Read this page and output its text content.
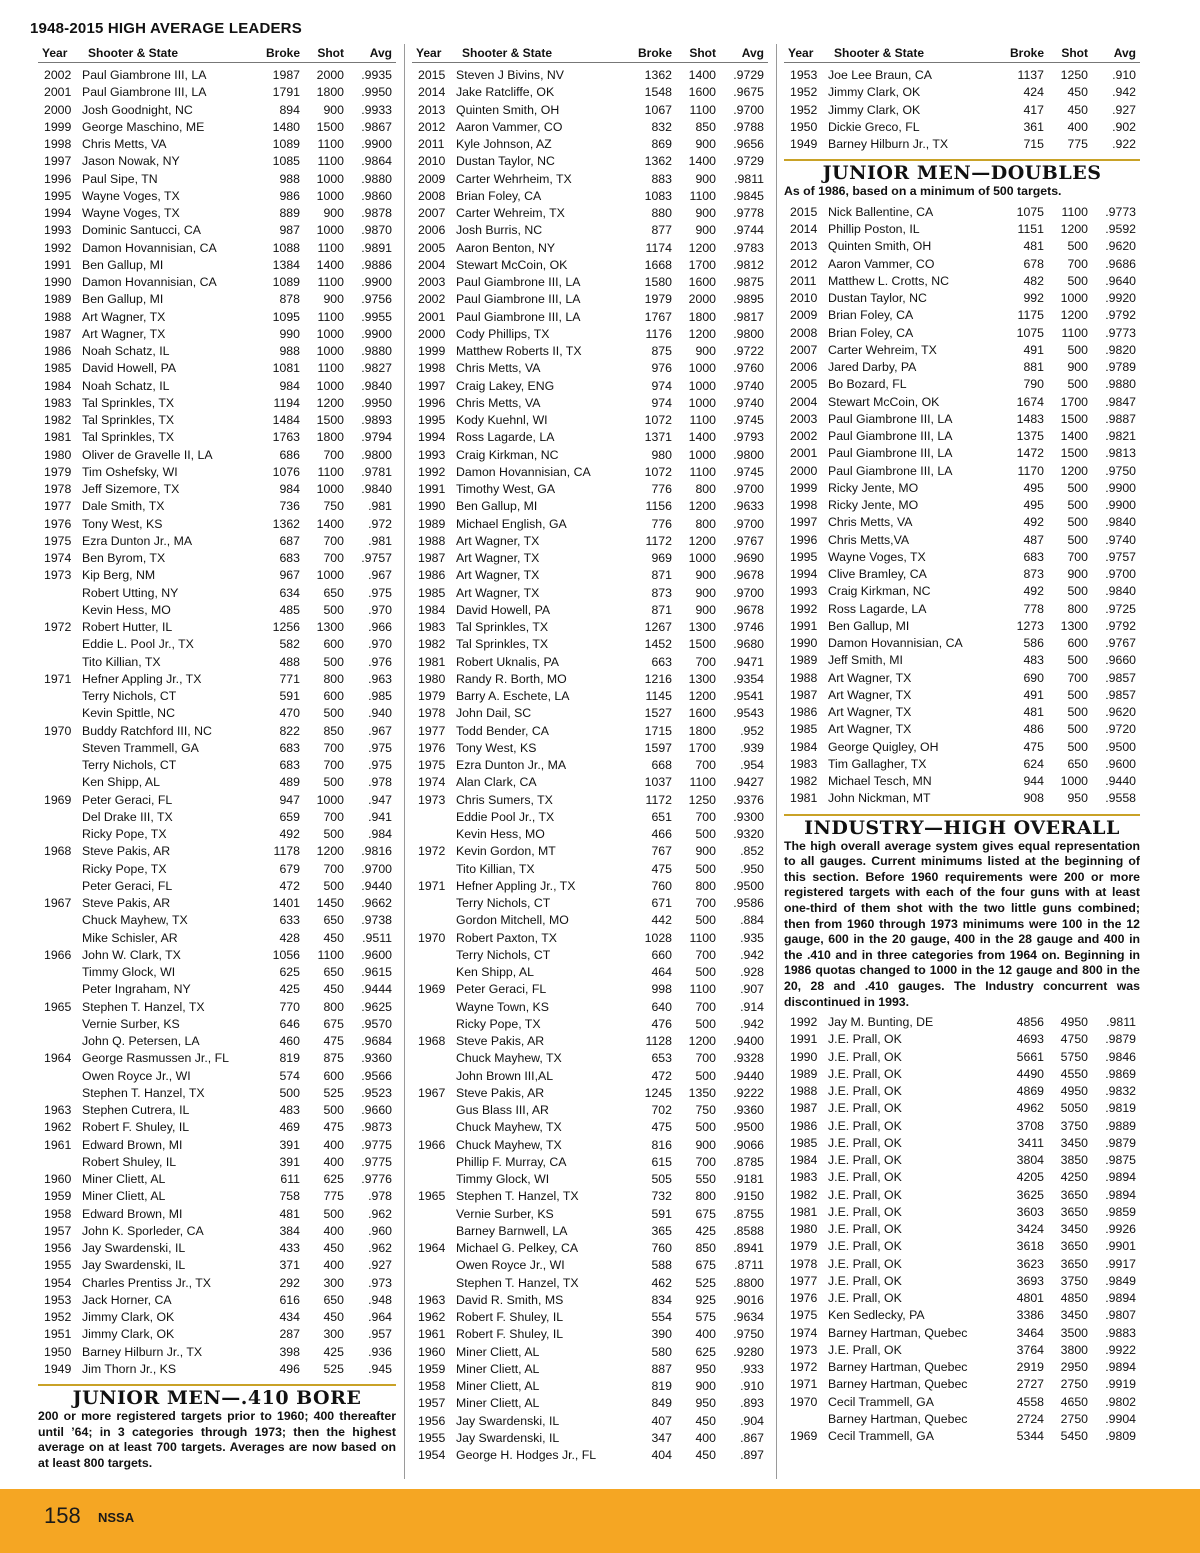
1948-2015 HIGH AVERAGE LEADERS
Year	Shooter & State	Broke	Shot	Avg
2002 Paul Giambrone III, LA	1987	2000	.9935
2001 Paul Giambrone III, LA	1791	1800	.9950
2000 Josh Goodnight, NC	894	900	.9933
1999 George Maschino, ME	1480	1500	.9867
1998 Chris Metts, VA	1089	1100	.9900
1997 Jason Nowak, NY	1085	1100	.9864
1996 Paul Sipe, TN	988	1000	.9880
1995 Wayne Voges, TX	986	1000	.9860
1994 Wayne Voges, TX	889	900	.9878
1993 Dominic Santucci, CA	987	1000	.9870
1992 Damon Hovannisian, CA	1088	1100	.9891
1991 Ben Gallup, MI	1384	1400	.9886
1990 Damon Hovannisian, CA	1089	1100	.9900
1989 Ben Gallup, MI	878	900	.9756
1988 Art Wagner, TX	1095	1100	.9955
1987 Art Wagner, TX	990	1000	.9900
1986 Noah Schatz, IL	988	1000	.9880
1985 David Howell, PA	1081	1100	.9827
1984 Noah Schatz, IL	984	1000	.9840
1983 Tal Sprinkles, TX	1194	1200	.9950
1982 Tal Sprinkles, TX	1484	1500	.9893
1981 Tal Sprinkles, TX	1763	1800	.9794
1980 Oliver de Gravelle II, LA	686	700	.9800
1979 Tim Oshefsky, WI	1076	1100	.9781
1978 Jeff Sizemore, TX	984	1000	.9840
1977 Dale Smith, TX	736	750	.981
1976 Tony West, KS	1362	1400	.972
1975 Ezra Dunton Jr., MA	687	700	.981
1974 Ben Byrom, TX	683	700	.9757
1973 Kip Berg, NM	967	1000	.967
Robert Utting, NY	634	650	.975
Kevin Hess, MO	485	500	.970
1972 Robert Hutter, IL	1256	1300	.966
Eddie L. Pool Jr., TX	582	600	.970
Tito Killian, TX	488	500	.976
1971 Hefner Appling Jr., TX	771	800	.963
Terry Nichols, CT	591	600	.985
Kevin Spittle, NC	470	500	.940
1970 Buddy Ratchford III, NC	822	850	.967
Steven Trammell, GA	683	700	.975
Terry Nichols, CT	683	700	.975
Ken Shipp, AL	489	500	.978
1969 Peter Geraci, FL	947	1000	.947
Del Drake III, TX	659	700	.941
Ricky Pope, TX	492	500	.984
1968 Steve Pakis, AR	1178	1200	.9816
Ricky Pope, TX	679	700	.9700
Peter Geraci, FL	472	500	.9440
1967 Steve Pakis, AR	1401	1450	.9662
Chuck Mayhew, TX	633	650	.9738
Mike Schisler, AR	428	450	.9511
1966 John W. Clark, TX	1056	1100	.9600
Timmy Glock, WI	625	650	.9615
Peter Ingraham, NY	425	450	.9444
1965 Stephen T. Hanzel, TX	770	800	.9625
Vernie Surber, KS	646	675	.9570
John Q. Petersen, LA	460	475	.9684
1964 George Rasmussen Jr., FL	819	875	.9360
Owen Royce Jr., WI	574	600	.9566
Stephen T. Hanzel, TX	500	525	.9523
1963 Stephen Cutrera, IL	483	500	.9660
1962 Robert F. Shuley, IL	469	475	.9873
1961 Edward Brown, MI	391	400	.9775
Robert Shuley, IL	391	400	.9775
1960 Miner Cliett, AL	611	625	.9776
1959 Miner Cliett, AL	758	775	.978
1958 Edward Brown, MI	481	500	.962
1957 John K. Sporleder, CA	384	400	.960
1956 Jay Swardenski, IL	433	450	.962
1955 Jay Swardenski, IL	371	400	.927
1954 Charles Prentiss Jr., TX	292	300	.973
1953 Jack Horner, CA	616	650	.948
1952 Jimmy Clark, OK	434	450	.964
1951 Jimmy Clark, OK	287	300	.957
1950 Barney Hilburn Jr., TX	398	425	.936
1949 Jim Thorn Jr., KS	496	525	.945
JUNIOR MEN—.410 BORE
200 or more registered targets prior to 1960; 400 thereafter until ’64; in 3 categories through 1973; then the highest average on at least 700 targets. Averages are now based on at least 800 targets.
Year	Shooter & State	Broke	Shot	Avg
2015 Steven J Bivins, NV	1362	1400	.9729
2014 Jake Ratcliffe, OK	1548	1600	.9675
2013 Quinten Smith, OH	1067	1100	.9700
2012 Aaron Vammer, CO	832	850	.9788
2011 Kyle Johnson, AZ	869	900	.9656
2010 Dustan Taylor, NC	1362	1400	.9729
2009 Carter Wehrheim, TX	883	900	.9811
2008 Brian Foley, CA	1083	1100	.9845
2007 Carter Wehreim, TX	880	900	.9778
2006 Josh Burris, NC	877	900	.9744
2005 Aaron Benton, NY	1174	1200	.9783
2004 Stewart McCoin, OK	1668	1700	.9812
2003 Paul Giambrone III, LA	1580	1600	.9875
2002 Paul Giambrone III, LA	1979	2000	.9895
2001 Paul Giambrone III, LA	1767	1800	.9817
2000 Cody Phillips, TX	1176	1200	.9800
1999 Matthew Roberts II, TX	875	900	.9722
1998 Chris Metts, VA	976	1000	.9760
1997 Craig Lakey, ENG	974	1000	.9740
1996 Chris Metts, VA	974	1000	.9740
1995 Kody Kuehnl, WI	1072	1100	.9745
1994 Ross Lagarde, LA	1371	1400	.9793
1993 Craig Kirkman, NC	980	1000	.9800
1992 Damon Hovannisian, CA	1072	1100	.9745
1991 Timothy West, GA	776	800	.9700
1990 Ben Gallup, MI	1156	1200	.9633
1989 Michael English, GA	776	800	.9700
1988 Art Wagner, TX	1172	1200	.9767
1987 Art Wagner, TX	969	1000	.9690
1986 Art Wagner, TX	871	900	.9678
1985 Art Wagner, TX	873	900	.9700
1984 David Howell, PA	871	900	.9678
1983 Tal Sprinkles, TX	1267	1300	.9746
1982 Tal Sprinkles, TX	1452	1500	.9680
1981 Robert Uknalis, PA	663	700	.9471
1980 Randy R. Borth, MO	1216	1300	.9354
1979 Barry A. Eschete, LA	1145	1200	.9541
1978 John Dail, SC	1527	1600	.9543
1977 Todd Bender, CA	1715	1800	.952
1976 Tony West, KS	1597	1700	.939
1975 Ezra Dunton Jr., MA	668	700	.954
1974 Alan Clark, CA	1037	1100	.9427
1973 Chris Sumers, TX	1172	1250	.9376
Eddie Pool Jr., TX	651	700	.9300
Kevin Hess, MO	466	500	.9320
1972 Kevin Gordon, MT	767	900	.852
Tito Killian, TX	475	500	.950
1971 Hefner Appling Jr., TX	760	800	.9500
Terry Nichols, CT	671	700	.9586
Gordon Mitchell, MO	442	500	.884
1970 Robert Paxton, TX	1028	1100	.935
Terry Nichols, CT	660	700	.942
Ken Shipp, AL	464	500	.928
1969 Peter Geraci, FL	998	1100	.907
Wayne Town, KS	640	700	.914
Ricky Pope, TX	476	500	.942
1968 Steve Pakis, AR	1128	1200	.9400
Chuck Mayhew, TX	653	700	.9328
John Brown III,AL	472	500	.9440
1967 Steve Pakis, AR	1245	1350	.9222
Gus Blass III, AR	702	750	.9360
Chuck Mayhew, TX	475	500	.9500
1966 Chuck Mayhew, TX	816	900	.9066
Phillip F. Murray, CA	615	700	.8785
Timmy Glock, WI	505	550	.9181
1965 Stephen T. Hanzel, TX	732	800	.9150
Vernie Surber, KS	591	675	.8755
Barney Barnwell, LA	365	425	.8588
1964 Michael G. Pelkey, CA	760	850	.8941
Owen Royce Jr., WI	588	675	.8711
Stephen T. Hanzel, TX	462	525	.8800
1963 David R. Smith, MS	834	925	.9016
1962 Robert F. Shuley, IL	554	575	.9634
1961 Robert F. Shuley, IL	390	400	.9750
1960 Miner Cliett, AL	580	625	.9280
1959 Miner Cliett, AL	887	950	.933
1958 Miner Cliett, AL	819	900	.910
1957 Miner Cliett, AL	849	950	.893
1956 Jay Swardenski, IL	407	450	.904
1955 Jay Swardenski, IL	347	400	.867
1954 George H. Hodges Jr., FL	404	450	.897
Year	Shooter & State	Broke	Shot	Avg
1953 Joe Lee Braun, CA	1137	1250	.910
1952 Jimmy Clark, OK	424	450	.942
1952 Jimmy Clark, OK	417	450	.927
1950 Dickie Greco, FL	361	400	.902
1949 Barney Hilburn Jr., TX	715	775	.922
JUNIOR MEN—DOUBLES
As of 1986, based on a minimum of 500 targets.
2015 Nick Ballentine, CA	1075	1100	.9773
2014 Phillip Poston, IL	1151	1200	.9592
2013 Quinten Smith, OH	481	500	.9620
2012 Aaron Vammer, CO	678	700	.9686
2011 Matthew L. Crotts, NC	482	500	.9640
2010 Dustan Taylor, NC	992	1000	.9920
2009 Brian Foley, CA	1175	1200	.9792
2008 Brian Foley, CA	1075	1100	.9773
2007 Carter Wehreim, TX	491	500	.9820
2006 Jared Darby, PA	881	900	.9789
2005 Bo Bozard, FL	790	500	.9880
2004 Stewart McCoin, OK	1674	1700	.9847
2003 Paul Giambrone III, LA	1483	1500	.9887
2002 Paul Giambrone III, LA	1375	1400	.9821
2001 Paul Giambrone III, LA	1472	1500	.9813
2000 Paul Giambrone III, LA	1170	1200	.9750
1999 Ricky Jente, MO	495	500	.9900
1998 Ricky Jente, MO	495	500	.9900
1997 Chris Metts, VA	492	500	.9840
1996 Chris Metts,VA	487	500	.9740
1995 Wayne Voges, TX	683	700	.9757
1994 Clive Bramley, CA	873	900	.9700
1993 Craig Kirkman, NC	492	500	.9840
1992 Ross Lagarde, LA	778	800	.9725
1991 Ben Gallup, MI	1273	1300	.9792
1990 Damon Hovannisian, CA	586	600	.9767
1989 Jeff Smith, MI	483	500	.9660
1988 Art Wagner, TX	690	700	.9857
1987 Art Wagner, TX	491	500	.9857
1986 Art Wagner, TX	481	500	.9620
1985 Art Wagner, TX	486	500	.9720
1984 George Quigley, OH	475	500	.9500
1983 Tim Gallagher, TX	624	650	.9600
1982 Michael Tesch, MN	944	1000	.9440
1981 John Nickman, MT	908	950	.9558
INDUSTRY—HIGH OVERALL
The high overall average system gives equal representation to all gauges. Current minimums listed at the beginning of this section. Before 1960 requirements were 200 or more registered targets with each of the four guns with at least one-third of them shot with the two little guns combined; then from 1960 through 1973 minimums were 100 in the 12 gauge, 600 in the 20 gauge, 400 in the 28 gauge and 400 in the .410 and in three categories from 1964 on. Beginning in 1986 quotas changed to 1000 in the 12 gauge and 800 in the 20, 28 and .410 gauges. The Industry concurrent was discontinued in 1993.
1992 Jay M. Bunting, DE	4856	4950	.9811
1991 J.E. Prall, OK	4693	4750	.9879
1990 J.E. Prall, OK	5661	5750	.9846
1989 J.E. Prall, OK	4490	4550	.9869
1988 J.E. Prall, OK	4869	4950	.9832
1987 J.E. Prall, OK	4962	5050	.9819
1986 J.E. Prall, OK	3708	3750	.9889
1985 J.E. Prall, OK	3411	3450	.9879
1984 J.E. Prall, OK	3804	3850	.9875
1983 J.E. Prall, OK	4205	4250	.9894
1982 J.E. Prall, OK	3625	3650	.9894
1981 J.E. Prall, OK	3603	3650	.9859
1980 J.E. Prall, OK	3424	3450	.9926
1979 J.E. Prall, OK	3618	3650	.9901
1978 J.E. Prall, OK	3623	3650	.9917
1977 J.E. Prall, OK	3693	3750	.9849
1976 J.E. Prall, OK	4801	4850	.9894
1975 Ken Sedlecky, PA	3386	3450	.9807
1974 Barney Hartman, Quebec	3464	3500	.9883
1973 J.E. Prall, OK	3764	3800	.9922
1972 Barney Hartman, Quebec	2919	2950	.9894
1971 Barney Hartman, Quebec	2727	2750	.9919
1970 Cecil Trammell, GA	4558	4650	.9802
Barney Hartman, Quebec	2724	2750	.9904
1969 Cecil Trammell, GA	5344	5450	.9809
158 NSSA
